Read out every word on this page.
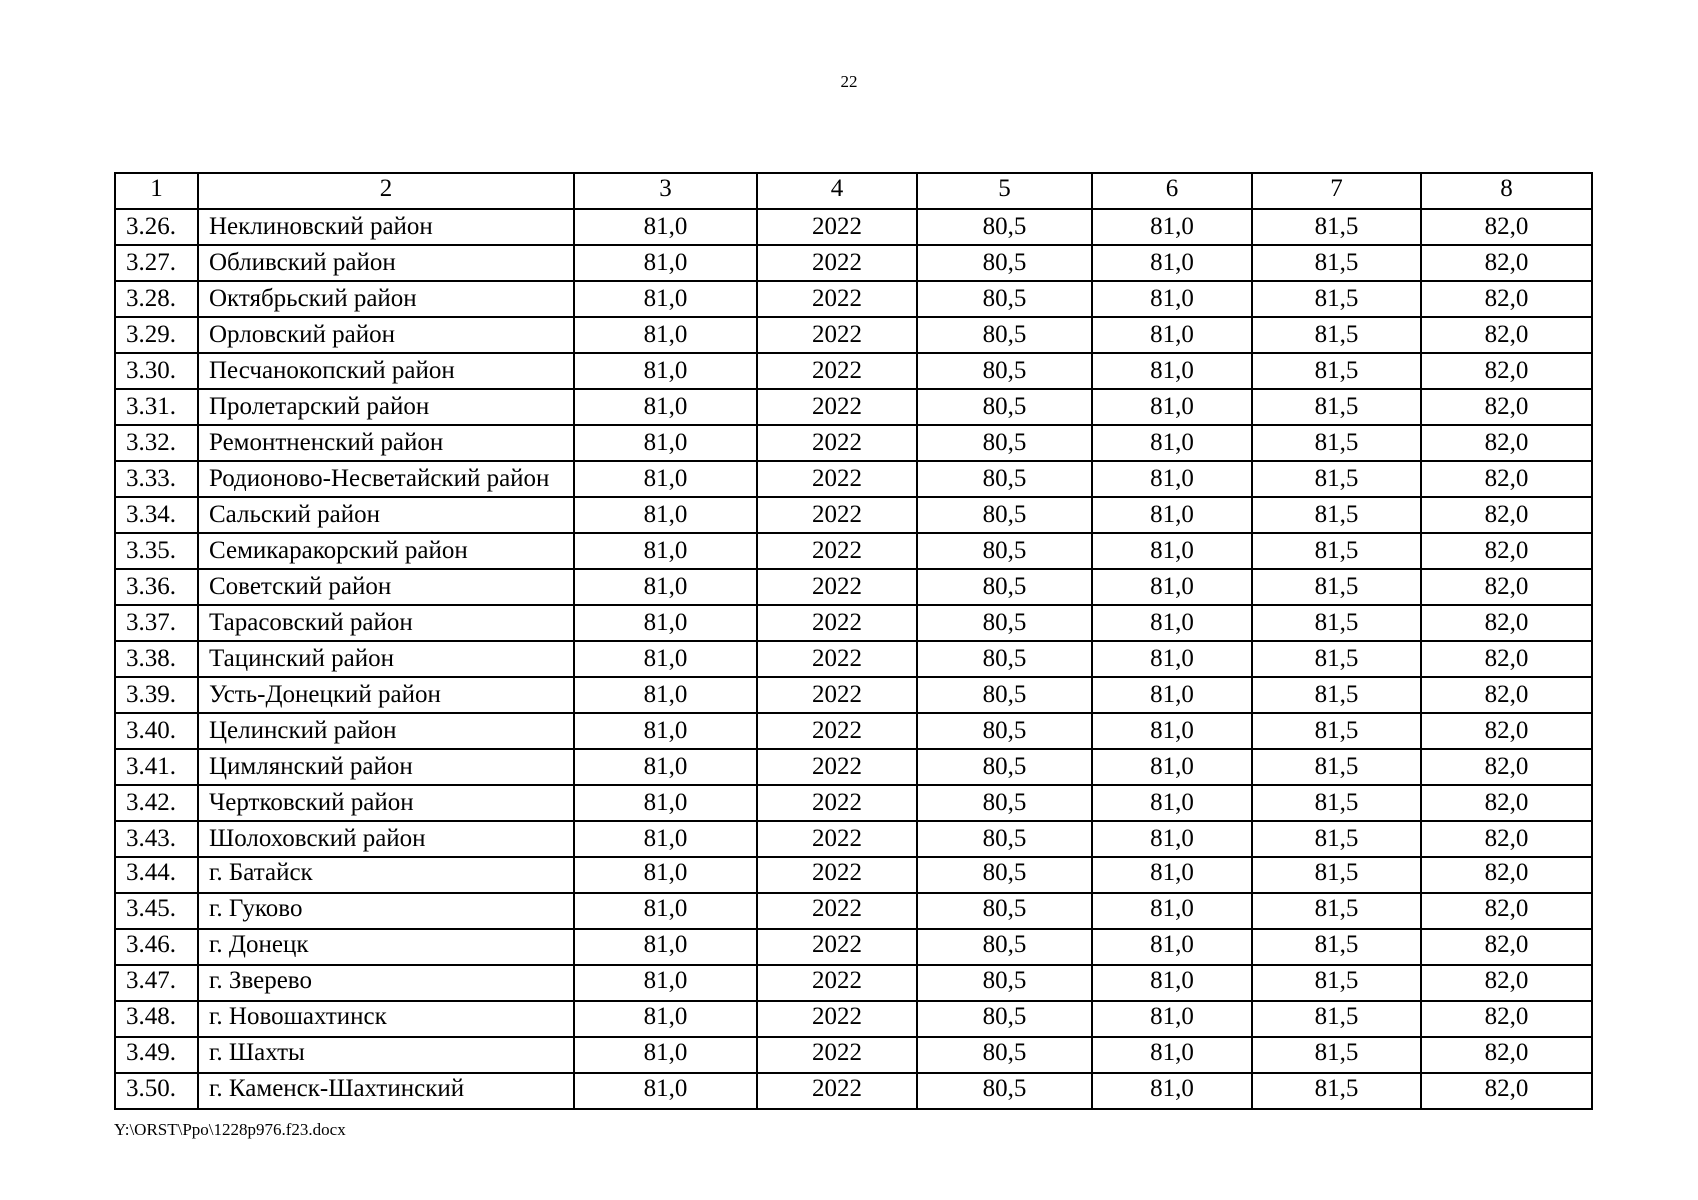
22
1	2	3	4	5	6	7	8
3.26.	Неклиновский район	81,0	2022	80,5	81,0	81,5	82,0
3.27.	Обливский район	81,0	2022	80,5	81,0	81,5	82,0
3.28.	Октябрьский район	81,0	2022	80,5	81,0	81,5	82,0
3.29.	Орловский район	81,0	2022	80,5	81,0	81,5	82,0
3.30.	Песчанокопский район	81,0	2022	80,5	81,0	81,5	82,0
3.31.	Пролетарский район	81,0	2022	80,5	81,0	81,5	82,0
3.32.	Ремонтненский район	81,0	2022	80,5	81,0	81,5	82,0
3.33.	Родионово-Несветайский район	81,0	2022	80,5	81,0	81,5	82,0
3.34.	Сальский район	81,0	2022	80,5	81,0	81,5	82,0
3.35.	Семикаракорский район	81,0	2022	80,5	81,0	81,5	82,0
3.36.	Советский район	81,0	2022	80,5	81,0	81,5	82,0
3.37.	Тарасовский район	81,0	2022	80,5	81,0	81,5	82,0
3.38.	Тацинский район	81,0	2022	80,5	81,0	81,5	82,0
3.39.	Усть-Донецкий район	81,0	2022	80,5	81,0	81,5	82,0
3.40.	Целинский район	81,0	2022	80,5	81,0	81,5	82,0
3.41.	Цимлянский район	81,0	2022	80,5	81,0	81,5	82,0
3.42.	Чертковский район	81,0	2022	80,5	81,0	81,5	82,0
3.43.	Шолоховский район	81,0	2022	80,5	81,0	81,5	82,0
3.44.	г. Батайск	81,0	2022	80,5	81,0	81,5	82,0
3.45.	г. Гуково	81,0	2022	80,5	81,0	81,5	82,0
3.46.	г. Донецк	81,0	2022	80,5	81,0	81,5	82,0
3.47.	г. Зверево	81,0	2022	80,5	81,0	81,5	82,0
3.48.	г. Новошахтинск	81,0	2022	80,5	81,0	81,5	82,0
3.49.	г. Шахты	81,0	2022	80,5	81,0	81,5	82,0
3.50.	г. Каменск-Шахтинский	81,0	2022	80,5	81,0	81,5	82,0
Y:\ORST\Ppo\1228p976.f23.docx
